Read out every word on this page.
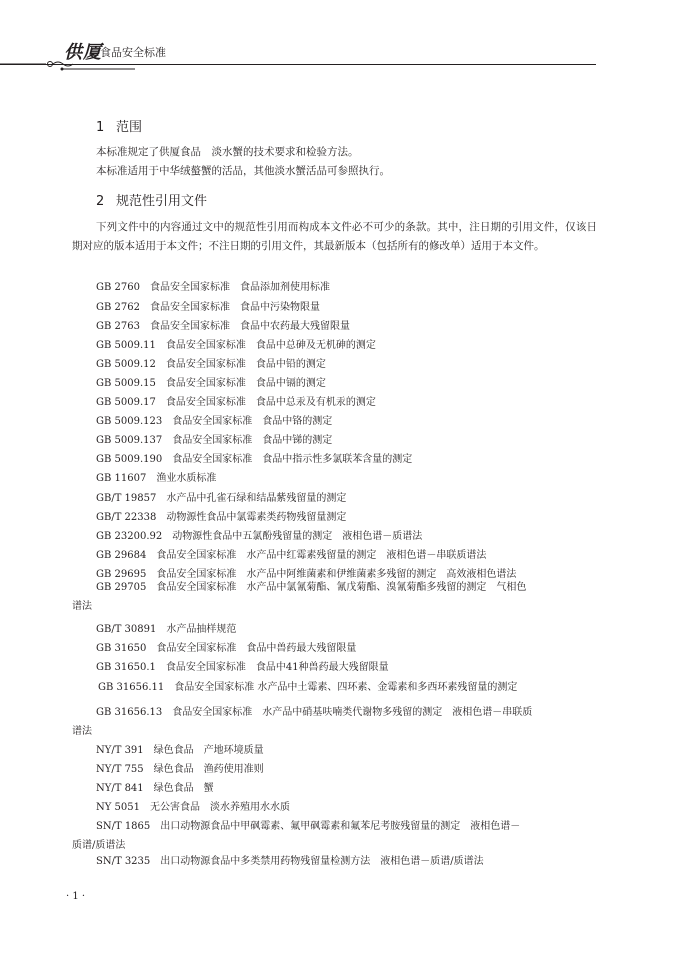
供厦
食品安全标准
1 范围
本标准规定了供厦食品　淡水蟹的技术要求和检验方法。
本标准适用于中华绒螯蟹的活品，其他淡水蟹活品可参照执行。
2 规范性引用文件
下列文件中的内容通过文中的规范性引用而构成本文件必不可少的条款。其中，注日期的引用文件，仅该日期对应的版本适用于本文件；不注日期的引用文件，其最新版本（包括所有的修改单）适用于本文件。
GB 2760 食品安全国家标准　食品添加剂使用标准
GB 2762 食品安全国家标准　食品中污染物限量
GB 2763 食品安全国家标准　食品中农药最大残留限量
GB 5009.11 食品安全国家标准　食品中总砷及无机砷的测定
GB 5009.12 食品安全国家标准　食品中铅的测定
GB 5009.15 食品安全国家标准　食品中镉的测定
GB 5009.17 食品安全国家标准　食品中总汞及有机汞的测定
GB 5009.123 食品安全国家标准　食品中铬的测定
GB 5009.137 食品安全国家标准　食品中锑的测定
GB 5009.190 食品安全国家标准　食品中指示性多氯联苯含量的测定
GB 11607 渔业水质标准
GB/T 19857 水产品中孔雀石绿和结晶紫残留量的测定
GB/T 22338 动物源性食品中氯霉素类药物残留量测定
GB 23200.92 动物源性食品中五氯酚残留量的测定　液相色谱－质谱法
GB 29684 食品安全国家标准　水产品中红霉素残留量的测定　液相色谱－串联质谱法
GB 29695 食品安全国家标准　水产品中阿维菌素和伊维菌素多残留的测定　高效液相色谱法
GB 29705 食品安全国家标准　水产品中氯氰菊酯、氰戊菊酯、溴氰菊酯多残留的测定　气相色
谱法
GB/T 30891 水产品抽样规范
GB 31650 食品安全国家标准　食品中兽药最大残留限量
GB 31650.1 食品安全国家标准　食品中41种兽药最大残留限量
GB 31656.11 食品安全国家标准 水产品中土霉素、四环素、金霉素和多西环素残留量的测定
GB 31656.13 食品安全国家标准　水产品中硝基呋喃类代谢物多残留的测定　液相色谱－串联质
谱法
NY/T 391 绿色食品　产地环境质量
NY/T 755 绿色食品　渔药使用准则
NY/T 841 绿色食品　蟹
NY 5051 无公害食品　淡水养殖用水水质
SN/T 1865 出口动物源食品中甲砜霉素、氟甲砜霉素和氟苯尼考胺残留量的测定　液相色谱－
质谱/质谱法
SN/T 3235 出口动物源食品中多类禁用药物残留量检测方法　液相色谱－质谱/质谱法
· 1 ·
